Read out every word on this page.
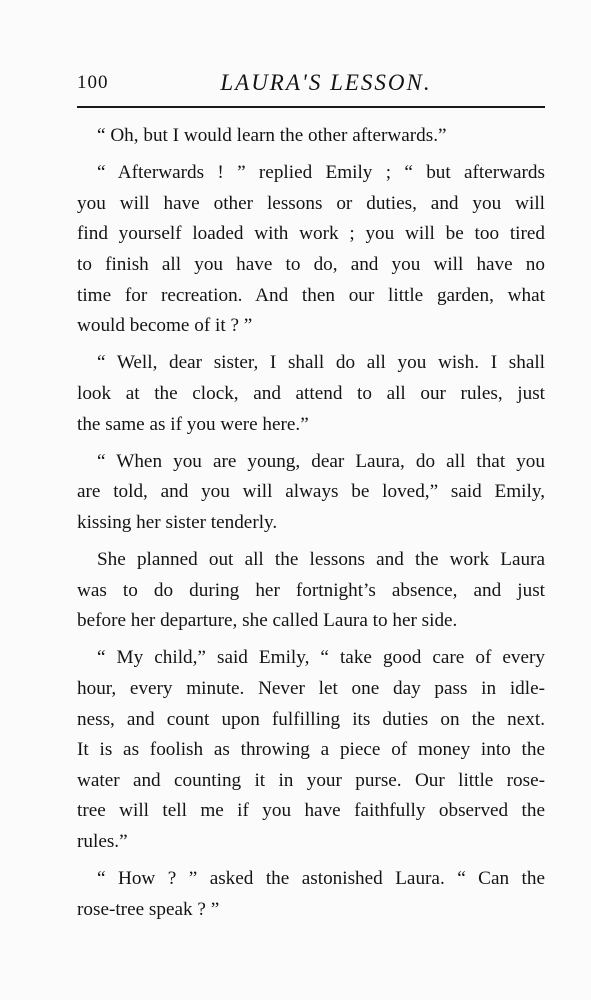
100	LAURA'S LESSON.
“ Oh, but I would learn the other afterwards.”
“ Afterwards ! ” replied Emily ; “ but afterwards
you will have other lessons or duties, and you will
find yourself loaded with work ; you will be too tired
to finish all you have to do, and you will have no
time for recreation. And then our little garden, what
would become of it ? ”
“ Well, dear sister, I shall do all you wish. I shall
look at the clock, and attend to all our rules, just
the same as if you were here.”
“ When you are young, dear Laura, do all that you
are told, and you will always be loved,” said Emily,
kissing her sister tenderly.
She planned out all the lessons and the work Laura
was to do during her fortnight’s absence, and just
before her departure, she called Laura to her side.
“ My child,” said Emily, “ take good care of every
hour, every minute. Never let one day pass in idle-
ness, and count upon fulfilling its duties on the next.
It is as foolish as throwing a piece of money into the
water and counting it in your purse. Our little rose-
tree will tell me if you have faithfully observed the
rules.”
“ How ? ” asked the astonished Laura. “ Can the
rose-tree speak ? ”
